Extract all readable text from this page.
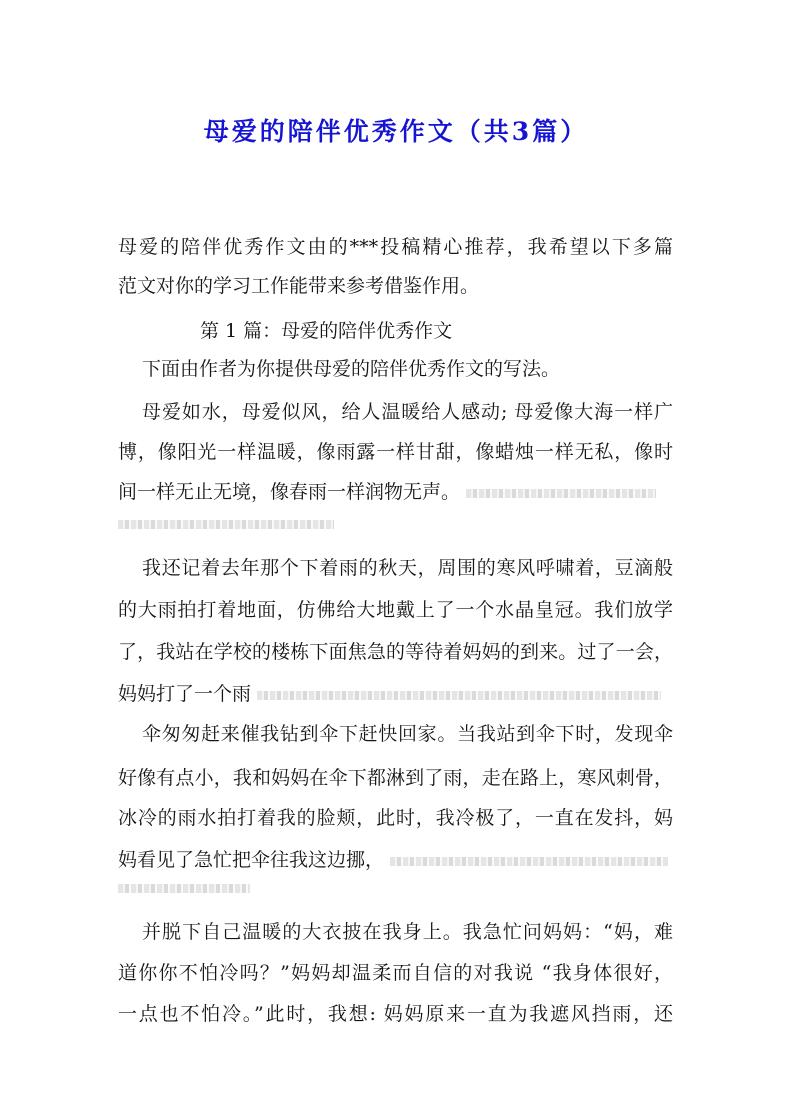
母爱的陪伴优秀作文（共3篇）
母爱的陪伴优秀作文由的***投稿精心推荐，我希望以下多篇
范文对你的学习工作能带来参考借鉴作用。
第 1 篇：母爱的陪伴优秀作文
下面由作者为你提供母爱的陪伴优秀作文的写法。
母爱如水，母爱似风，给人温暖给人感动; 母爱像大海一样广
博，像阳光一样温暖，像雨露一样甘甜，像蜡烛一样无私，像时
间一样无止无境，像春雨一样润物无声。
我还记着去年那个下着雨的秋天，周围的寒风呼啸着，豆滴般
的大雨拍打着地面，仿佛给大地戴上了一个水晶皇冠。我们放学
了，我站在学校的楼栋下面焦急的等待着妈妈的到来。过了一会，
妈妈打了一个雨
伞匆匆赶来催我钻到伞下赶快回家。当我站到伞下时，发现伞
好像有点小，我和妈妈在伞下都淋到了雨，走在路上，寒风刺骨，
冰冷的雨水拍打着我的脸颊，此时，我冷极了，一直在发抖，妈
妈看见了急忙把伞往我这边挪，
并脱下自己温暖的大衣披在我身上。我急忙问妈妈：“妈，难
道你你不怕冷吗？”妈妈却温柔而自信的对我说 “我身体很好，
一点也不怕冷。”此时，我想: 妈妈原来一直为我遮风挡雨，还
